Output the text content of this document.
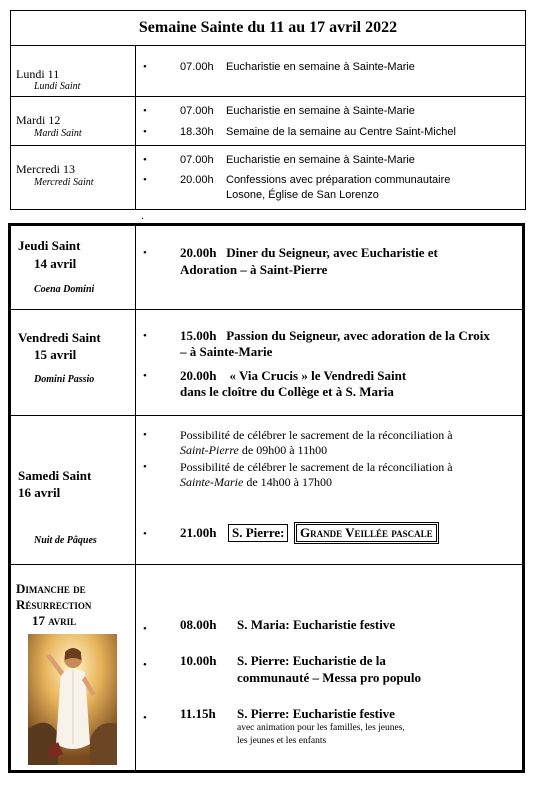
Semaine Sainte du 11 au 17 avril 2022
Lundi 11
Lundi Saint
•	07.00h Eucharistie en semaine à Sainte-Marie
Mardi 12
Mardi Saint
•	07.00h Eucharistie en semaine à Sainte-Marie
•	18.30h Semaine de la semaine au Centre Saint-Michel
Mercredi 13
Mercredi Saint
•	07.00h Eucharistie en semaine à Sainte-Marie
•	20.00h Confessions avec préparation communautaire
Losone, Église de San Lorenzo
.
Jeudi Saint
14 avril
Coena Domini
•	20.00h   Diner du Seigneur, avec Eucharistie et
Adoration – à Saint-Pierre
Vendredi Saint
15 avril
Domini Passio
•	15.00h   Passion du Seigneur, avec adoration de la Croix
– à Sainte-Marie
•	20.00h    « Via Crucis » le Vendredi Saint
dans le cloître du Collège et à S. Maria
Samedi Saint
16 avril
Nuit de Pâques
•	Possibilité de célébrer le sacrement de la réconciliation à
Saint-Pierre de 09h00 à 11h00
•	Possibilité de célébrer le sacrement de la réconciliation à
Sainte-Marie de 14h00 à 17h00
•	21.00h	S. Pierre:	Grande Veillée pascale
Dimanche de
Résurrection
17 avril
•	08.00h S. Maria: Eucharistie festive
•	10.00h S. Pierre: Eucharistie de la
communauté – Messa pro populo
•	11.15h S. Pierre: Eucharistie festive
avec animation pour les familles, les jeunes,
les jeunes et les enfants
